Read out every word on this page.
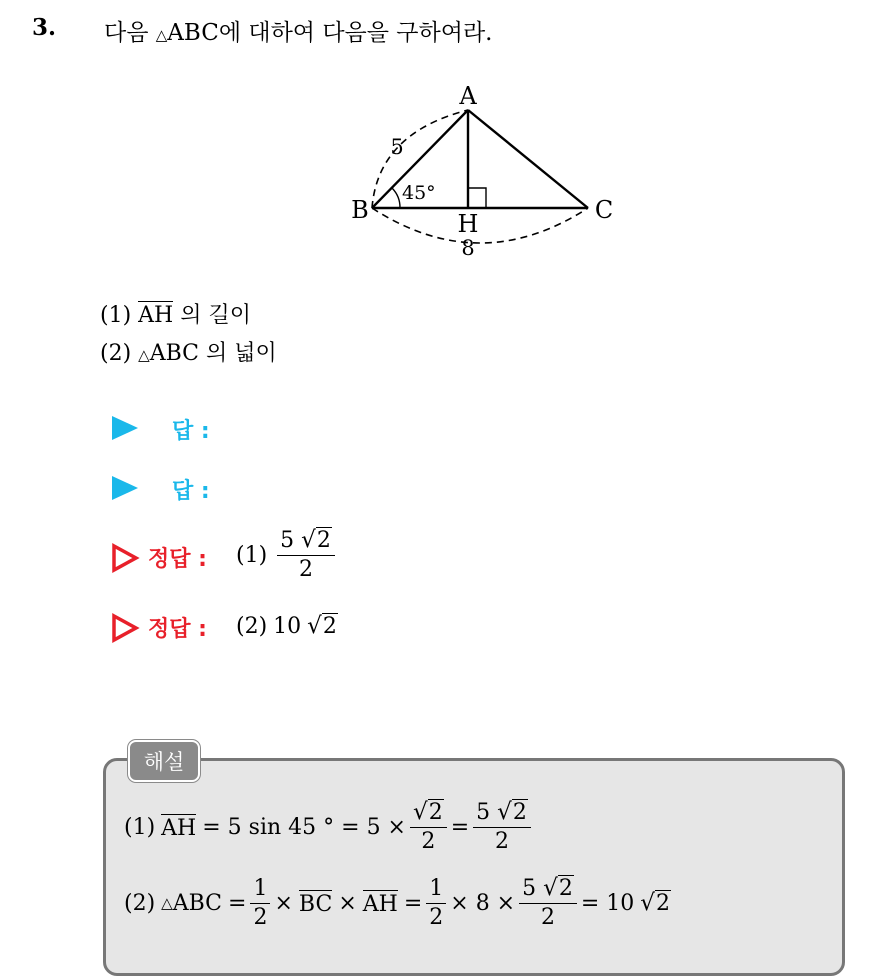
3. 다음 △ABC에 대하여 다음을 구하여라.
A
B	C
H
5
8
45°
(1) AH 의 길이
(2) △ABC 의 넓이
답 :
답 :
정답 : $(1) \frac{5 √2}{2}$
정답 : (2) 10 √2
해설
(1) AH = 5 sin 45 ° = $5 \times \frac{√2}{2} = \frac{5 √2}{2}$
(2) △ ABC = $\frac{1}{2}$ × BC × AH = $\frac{1}{2} \times 8 \times \frac{5 √2}{2} = 10$ √2
